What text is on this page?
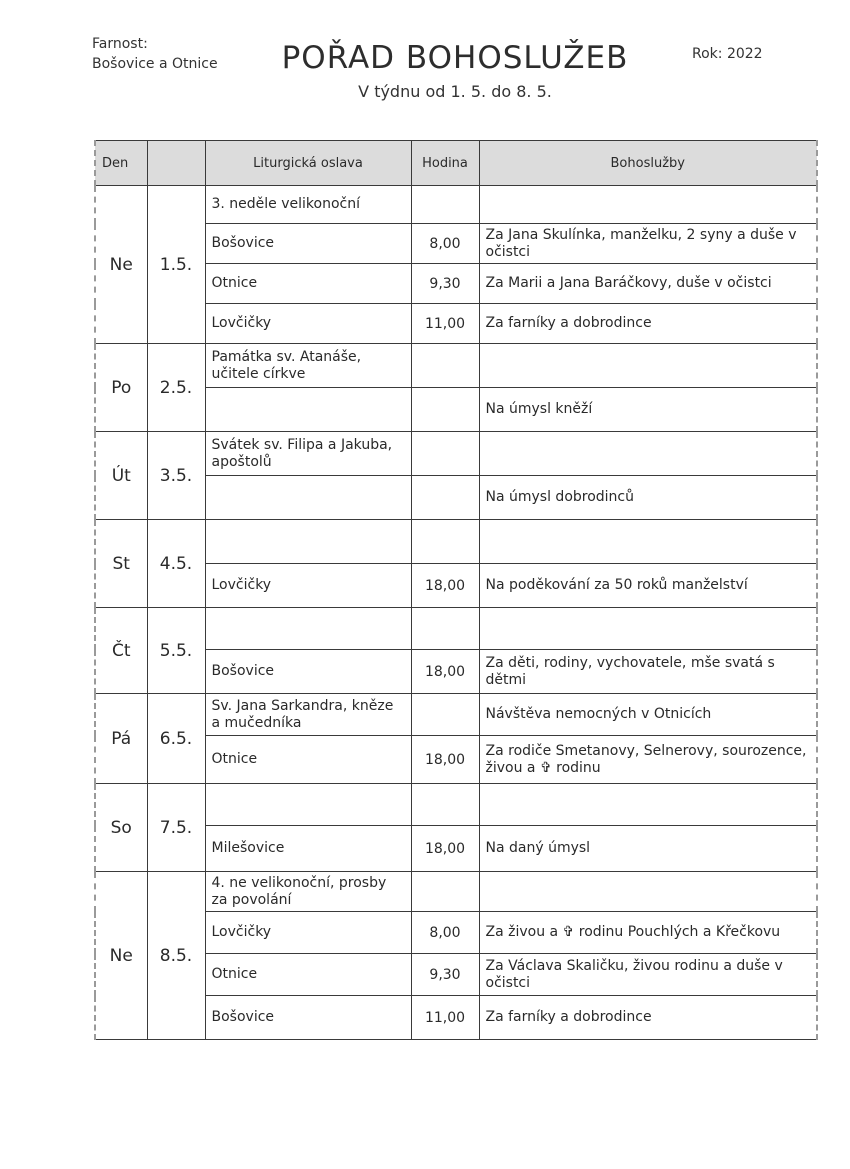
Farnost:
Bošovice a Otnice	POŘAD BOHOSLUŽEB
V týdnu od 1. 5. do 8. 5.
Rok: 2022
Den		Liturgická oslava	Hodina	Bohoslužby
Ne	1.5.	3. neděle velikonoční		
		Bošovice	8,00	Za Jana Skulínka, manželku, 2 syny a duše v očistci
		Otnice	9,30	Za Marii a Jana Baráčkovy, duše v očistci
		Lovčičky	11,00	Za farníky a dobrodince
Po	2.5.	Památka sv. Atanáše, učitele církve		
				Na úmysl kněží
Út	3.5.	Svátek sv. Filipa a Jakuba, apoštolů		
				Na úmysl dobrodinců
St	4.5.			
		Lovčičky	18,00	Na poděkování za 50 roků manželství
Čt	5.5.			
		Bošovice	18,00	Za děti, rodiny, vychovatele, mše svatá s dětmi
Pá	6.5.	Sv. Jana Sarkandra, kněze a mučedníka		Návštěva nemocných v Otnicích
		Otnice	18,00	Za rodiče Smetanovy, Selnerovy, sourozence, živou a ✞ rodinu
So	7.5.			
		Milešovice	18,00	Na daný úmysl
Ne	8.5.	4. ne velikonoční, prosby za povolání		
		Lovčičky	8,00	Za živou a ✞ rodinu Pouchlých a Křečkovu
		Otnice	9,30	Za Václava Skaličku, živou rodinu a duše v očistci
		Bošovice	11,00	Za farníky a dobrodince
